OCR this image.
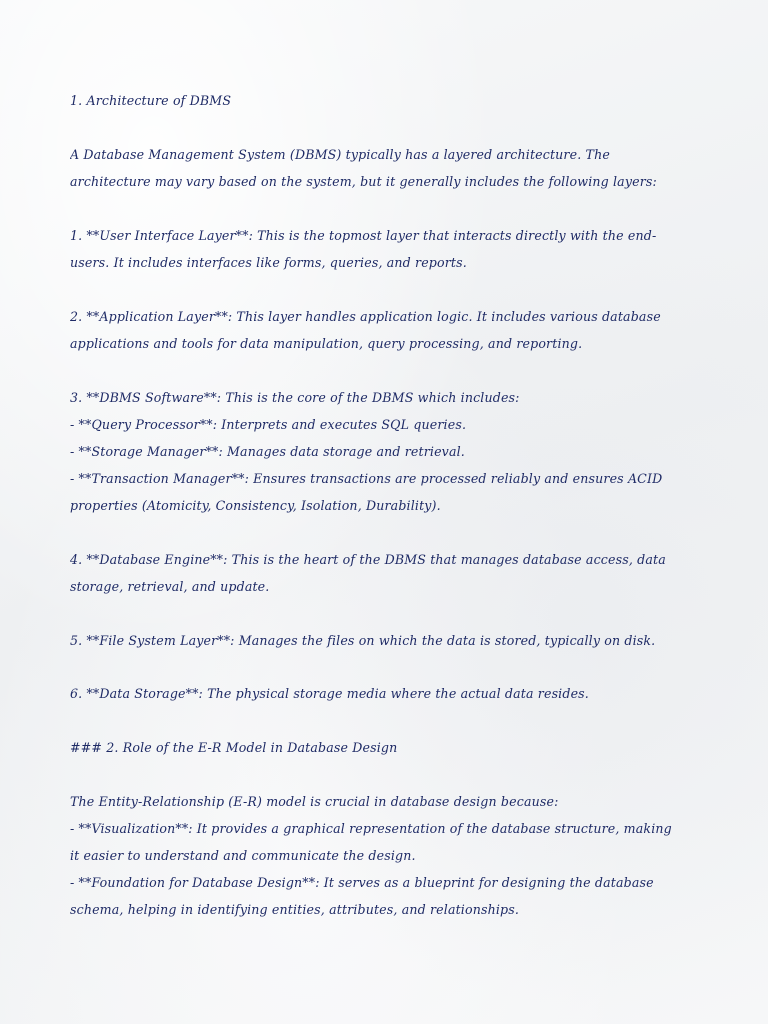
1. Architecture of DBMS
A Database Management System (DBMS) typically has a layered architecture. The
architecture may vary based on the system, but it generally includes the following layers:
1. **User Interface Layer**: This is the topmost layer that interacts directly with the end-
users. It includes interfaces like forms, queries, and reports.
2. **Application Layer**: This layer handles application logic. It includes various database
applications and tools for data manipulation, query processing, and reporting.
3. **DBMS Software**: This is the core of the DBMS which includes:
- **Query Processor**: Interprets and executes SQL queries.
- **Storage Manager**: Manages data storage and retrieval.
- **Transaction Manager**: Ensures transactions are processed reliably and ensures ACID
properties (Atomicity, Consistency, Isolation, Durability).
4. **Database Engine**: This is the heart of the DBMS that manages database access, data
storage, retrieval, and update.
5. **File System Layer**: Manages the files on which the data is stored, typically on disk.
6. **Data Storage**: The physical storage media where the actual data resides.
### 2. Role of the E-R Model in Database Design
The Entity-Relationship (E-R) model is crucial in database design because:
- **Visualization**: It provides a graphical representation of the database structure, making
it easier to understand and communicate the design.
- **Foundation for Database Design**: It serves as a blueprint for designing the database
schema, helping in identifying entities, attributes, and relationships.
